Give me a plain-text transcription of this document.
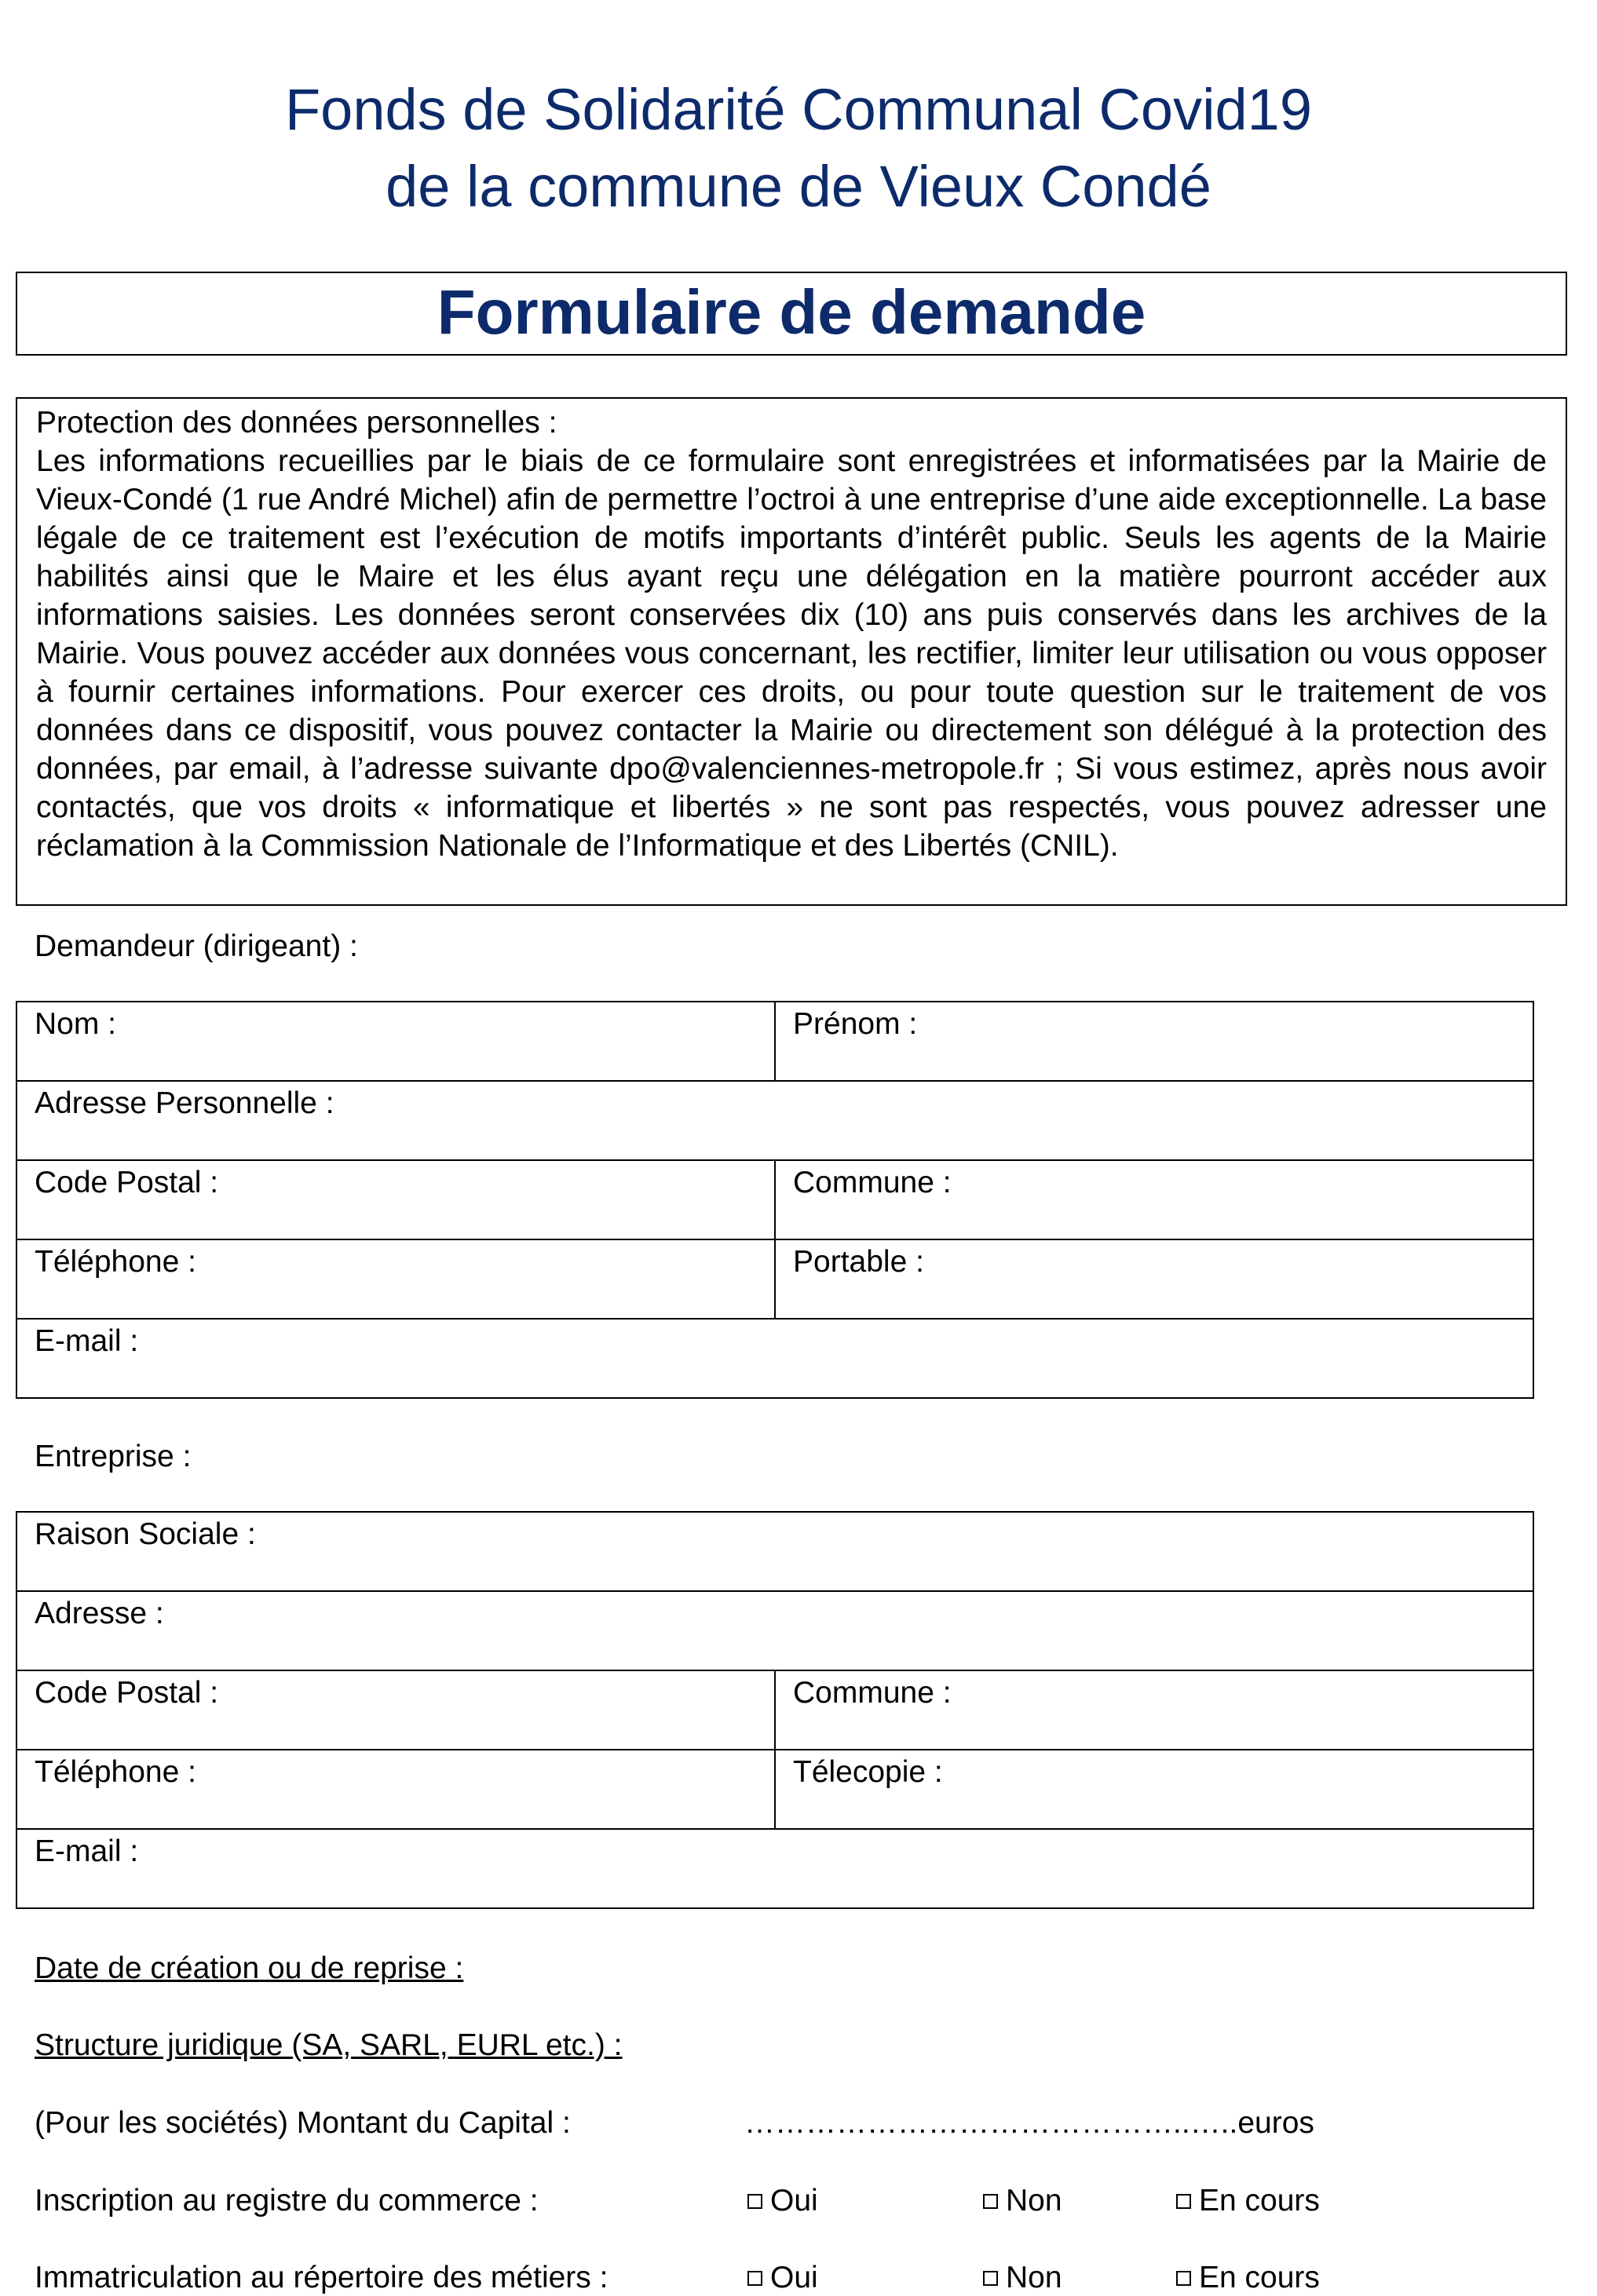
Fonds de Solidarité Communal Covid19
de la commune de Vieux Condé
Formulaire de demande
Protection des données personnelles :
Les informations recueillies par le biais de ce formulaire sont enregistrées et informatisées par la Mairie de Vieux-Condé (1 rue André Michel) afin de permettre l’octroi à une entreprise d’une aide exceptionnelle. La base légale de ce traitement est l’exécution de motifs importants d’intérêt public. Seuls les agents de la Mairie habilités ainsi que le Maire et les élus ayant reçu une délégation en la matière pourront accéder aux informations saisies. Les données seront conservées dix (10) ans puis conservés dans les archives de la Mairie. Vous pouvez accéder aux données vous concernant, les rectifier, limiter leur utilisation ou vous opposer à fournir certaines informations. Pour exercer ces droits, ou pour toute question sur le traitement de vos données dans ce dispositif, vous pouvez contacter la Mairie ou directement son délégué à la protection des données, par email, à l’adresse suivante dpo@valenciennes-metropole.fr ; Si vous estimez, après nous avoir contactés, que vos droits « informatique et libertés » ne sont pas respectés, vous pouvez adresser une réclamation à la Commission Nationale de l’Informatique et des Libertés (CNIL).
Demandeur (dirigeant) :
Nom :	Prénom :
Adresse Personnelle :	
Code Postal :	Commune :
Téléphone :	Portable :
E-mail :	
Entreprise :
Raison Sociale :	
Adresse :	
Code Postal :	Commune :
Téléphone :	Télecopie :
E-mail :	
Date de création ou de reprise :
Structure juridique (SA, SARL, EURL etc.) :
(Pour les sociétés) Montant du Capital :	……………………………………..…..euros
Inscription au registre du commerce :	Oui	Non	En cours
Immatriculation au répertoire des métiers :	Oui	Non	En cours
